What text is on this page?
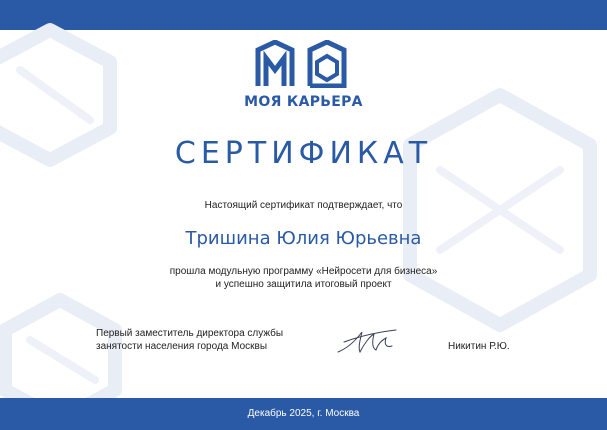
МОЯ КАРЬЕРА
СЕРТИФИКАТ
Настоящий сертификат подтверждает, что
Тришина Юлия Юрьевна
прошла модульную программу «Нейросети для бизнеса»
и успешно защитила итоговый проект
Первый заместитель директора службы
занятости населения города Москвы	Никитин Р.Ю.
Декабрь 2025, г. Москва
